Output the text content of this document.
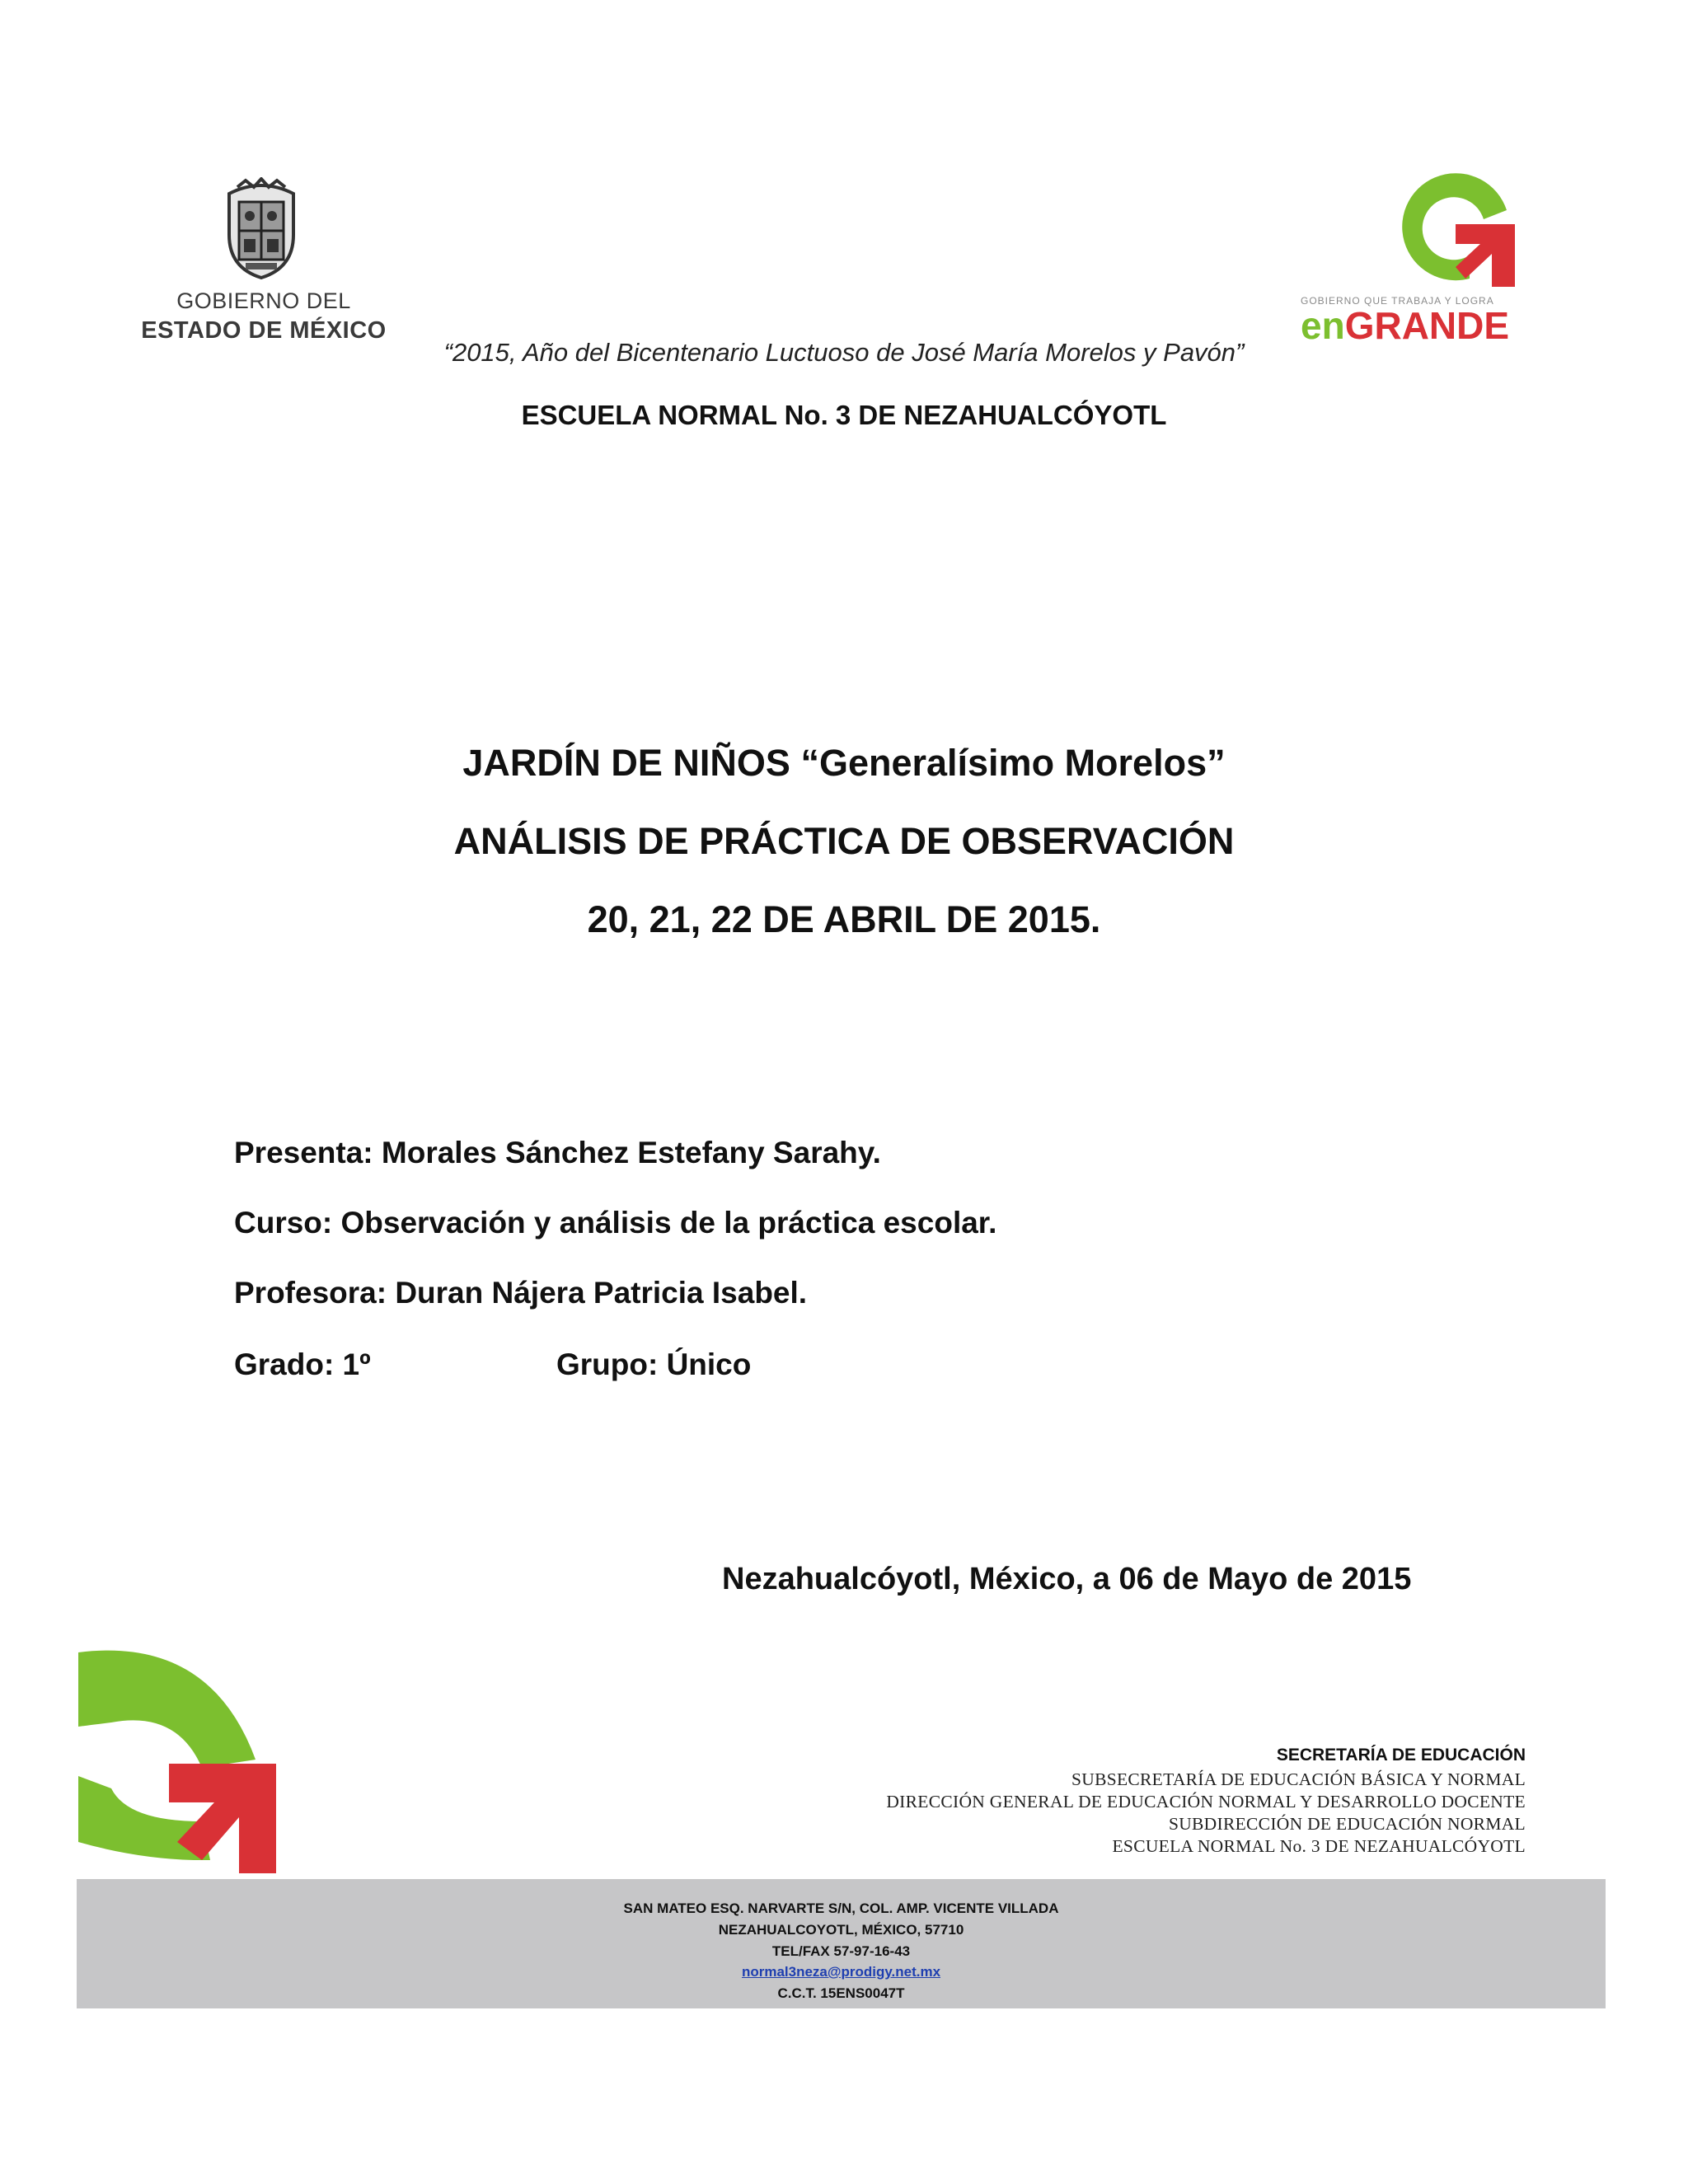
GOBIERNO DEL
ESTADO DE MÉXICO
GOBIERNO QUE TRABAJA Y LOGRA
enGRANDE
“2015, Año del Bicentenario Luctuoso de José María Morelos y Pavón”
ESCUELA NORMAL No. 3 DE NEZAHUALCÓYOTL
JARDÍN DE NIÑOS “Generalísimo Morelos”
ANÁLISIS DE PRÁCTICA DE OBSERVACIÓN
20, 21, 22 DE ABRIL DE 2015.
Presenta: Morales Sánchez Estefany Sarahy.
Curso: Observación y análisis de la práctica escolar.
Profesora: Duran Nájera Patricia Isabel.
Grado: 1º	Grupo: Único
Nezahualcóyotl, México, a 06 de Mayo de 2015
SECRETARÍA DE EDUCACIÓN
SUBSECRETARÍA DE EDUCACIÓN BÁSICA Y NORMAL
DIRECCIÓN GENERAL DE EDUCACIÓN NORMAL Y DESARROLLO DOCENTE
SUBDIRECCIÓN DE EDUCACIÓN NORMAL
ESCUELA NORMAL No. 3 DE NEZAHUALCÓYOTL
SAN MATEO ESQ. NARVARTE S/N, COL. AMP. VICENTE VILLADA
NEZAHUALCOYOTL, MÉXICO, 57710
TEL/FAX 57-97-16-43
normal3neza@prodigy.net.mx
C.C.T. 15ENS0047T
